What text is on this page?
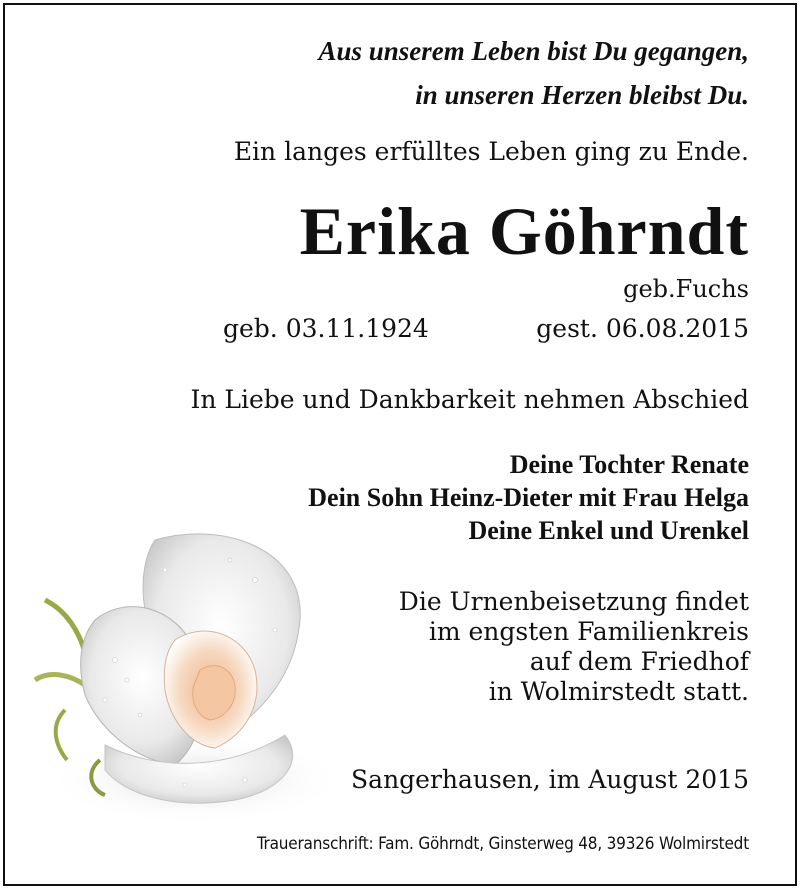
Aus unserem Leben bist Du gegangen,
in unseren Herzen bleibst Du.
Ein langes erfülltes Leben ging zu Ende.
Erika Göhrndt
geb.Fuchs
geb. 03.11.1924	gest. 06.08.2015
In Liebe und Dankbarkeit nehmen Abschied
Deine Tochter Renate
Dein Sohn Heinz-Dieter mit Frau Helga
Deine Enkel und Urenkel
Die Urnenbeisetzung findet
im engsten Familienkreis
auf dem Friedhof
in Wolmirstedt statt.
Sangerhausen, im August 2015
Traueranschrift: Fam. Göhrndt, Ginsterweg 48, 39326 Wolmirstedt
